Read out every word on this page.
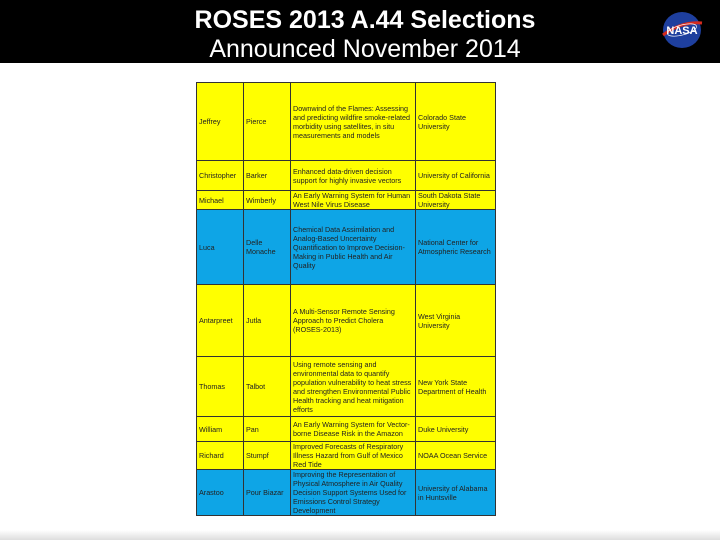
ROSES 2013 A.44 Selections
Announced November 2014
NASA
Jeffrey	Pierce	Downwind of the Flames: Assessing and predicting wildfire smoke-related morbidity using satellites, in situ measurements and models	Colorado State University
Christopher	Barker	Enhanced data-driven decision support for highly invasive vectors	University of California
Michael	Wimberly	An Early Warning System for Human West Nile Virus Disease	South Dakota State University
Luca	Delle Monache	Chemical Data Assimilation and Analog-Based Uncertainty Quantification to Improve Decision-Making in Public Health and Air Quality	National Center for Atmospheric Research
Antarpreet	Jutla	A Multi-Sensor Remote Sensing Approach to Predict Cholera (ROSES-2013)	West Virginia University
Thomas	Talbot	Using remote sensing and environmental data to quantify population vulnerability to heat stress and strengthen Environmental Public Health tracking and heat mitigation efforts	New York State Department of Health
William	Pan	An Early Warning System for Vector-borne Disease Risk in the Amazon	Duke University
Richard	Stumpf	Improved Forecasts of Respiratory Illness Hazard from Gulf of Mexico Red Tide	NOAA Ocean Service
Arastoo	Pour Biazar	Improving the Representation of Physical Atmosphere in Air Quality Decision Support Systems Used for Emissions Control Strategy Development	University of Alabama in Huntsville
